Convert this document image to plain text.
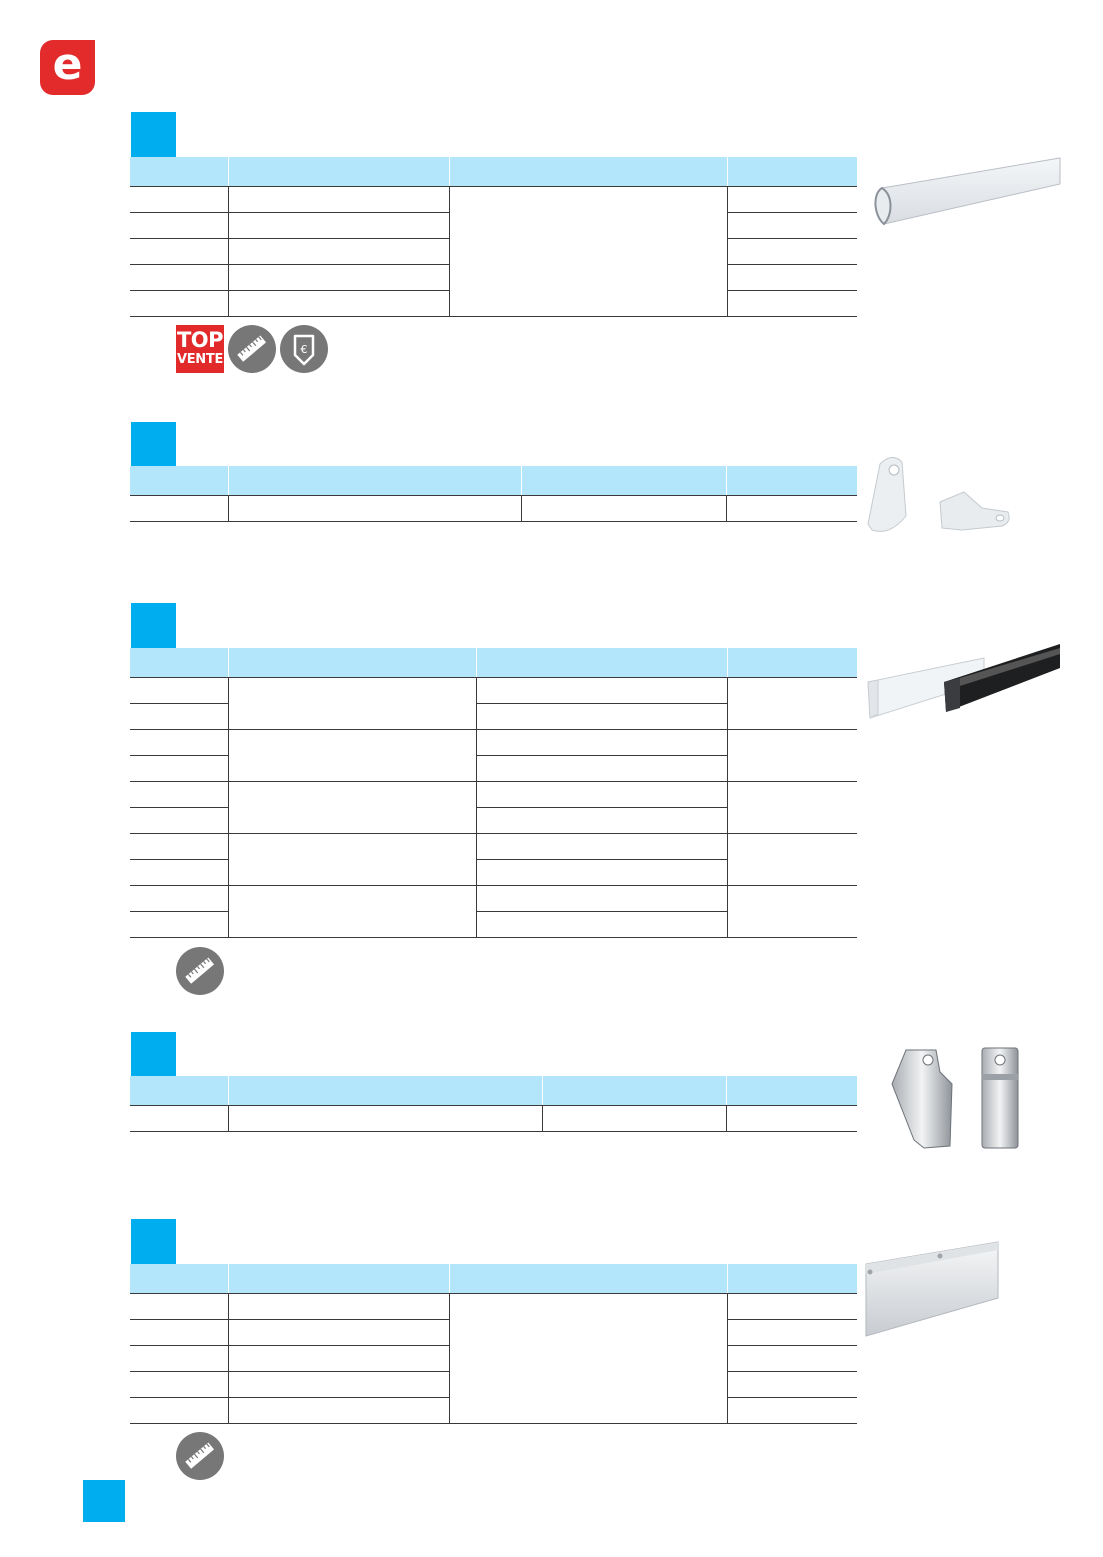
e

TOP
VENTE
€
